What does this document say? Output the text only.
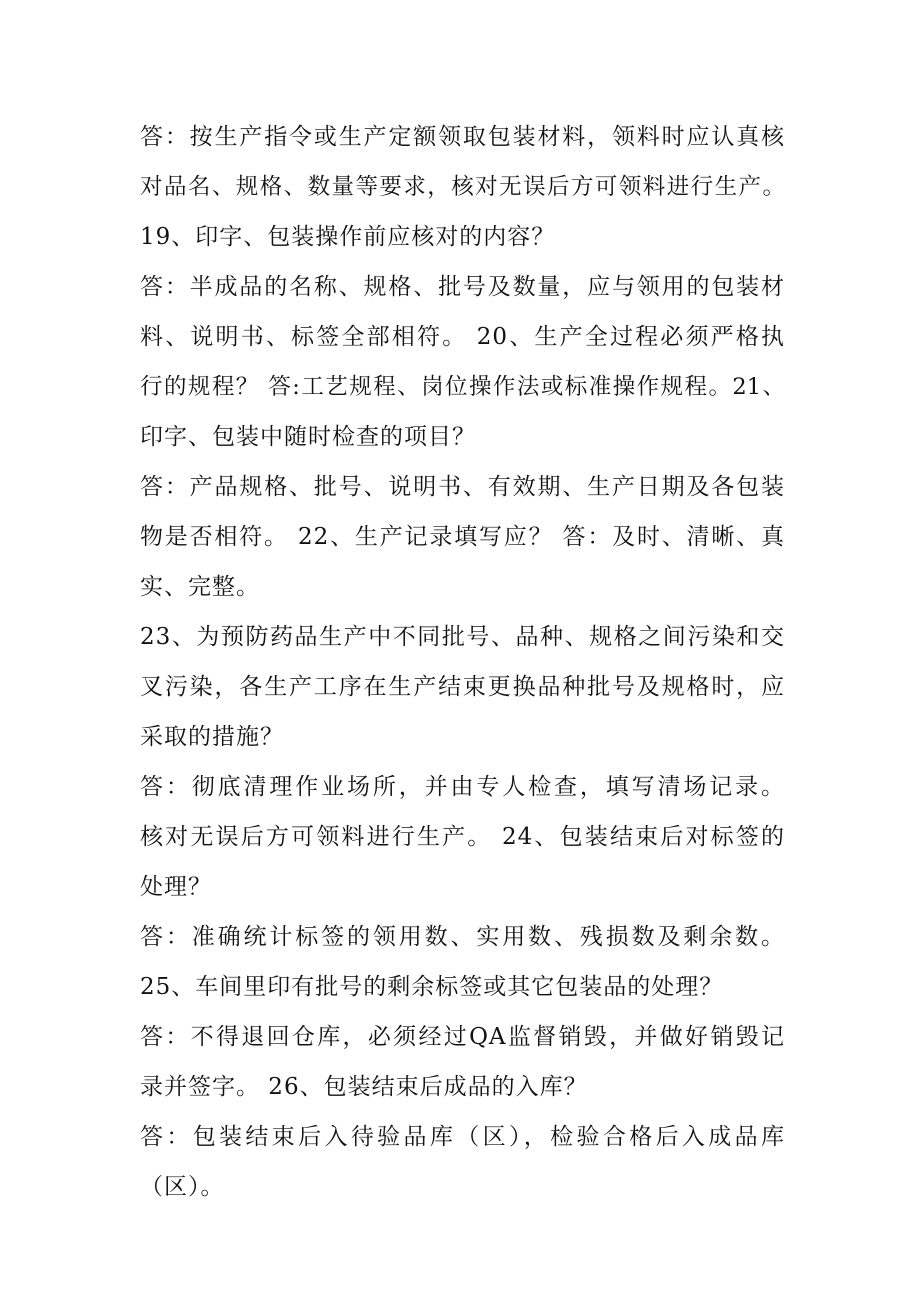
答：按生产指令或生产定额领取包装材料，领料时应认真核
对品名、规格、数量等要求，核对无误后方可领料进行生产。
19、印字、包装操作前应核对的内容？
答：半成品的名称、规格、批号及数量，应与领用的包装材
料、说明书、标签全部相符。 20、生产全过程必须严格执
行的规程？ 答:工艺规程、岗位操作法或标准操作规程。21、
印字、包装中随时检查的项目？
答：产品规格、批号、说明书、有效期、生产日期及各包装
物是否相符。 22、生产记录填写应？ 答：及时、清晰、真
实、完整。
23、为预防药品生产中不同批号、品种、规格之间污染和交
叉污染，各生产工序在生产结束更换品种批号及规格时，应
采取的措施？
答：彻底清理作业场所，并由专人检查，填写清场记录。
核对无误后方可领料进行生产。 24、包装结束后对标签的
处理？
答：准确统计标签的领用数、实用数、残损数及剩余数。
25、车间里印有批号的剩余标签或其它包装品的处理？
答：不得退回仓库，必须经过QA监督销毁，并做好销毁记
录并签字。 26、包装结束后成品的入库？
答：包装结束后入待验品库（区），检验合格后入成品库
（区）。
